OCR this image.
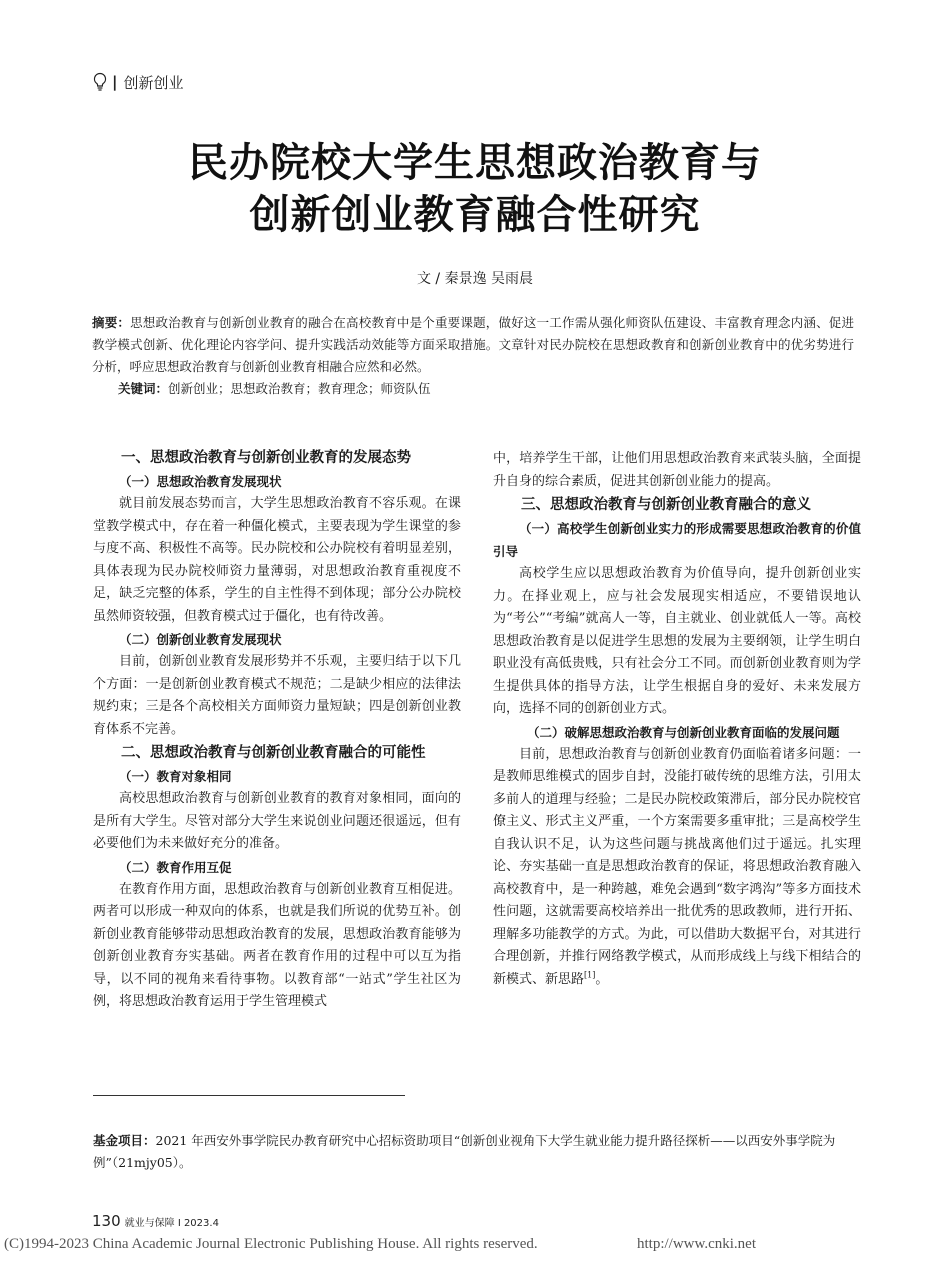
| 创新创业
民办院校大学生思想政治教育与
创新创业教育融合性研究
文 / 秦景逸 吴雨晨
摘要：思想政治教育与创新创业教育的融合在高校教育中是个重要课题，做好这一工作需从强化师资队伍建设、丰富教育理念内涵、促进教学模式创新、优化理论内容学问、提升实践活动效能等方面采取措施。文章针对民办院校在思想政教育和创新创业教育中的优劣势进行分析，呼应思想政治教育与创新创业教育相融合应然和必然。
关键词：创新创业；思想政治教育；教育理念；师资队伍
一、思想政治教育与创新创业教育的发展态势
（一）思想政治教育发展现状

就目前发展态势而言，大学生思想政治教育不容乐观。在课堂教学模式中，存在着一种僵化模式，主要表现为学生课堂的参与度不高、积极性不高等。民办院校和公办院校有着明显差别，具体表现为民办院校师资力量薄弱，对思想政治教育重视度不足，缺乏完整的体系，学生的自主性得不到体现；部分公办院校虽然师资较强，但教育模式过于僵化，也有待改善。

（二）创新创业教育发展现状

目前，创新创业教育发展形势并不乐观，主要归结于以下几个方面：一是创新创业教育模式不规范；二是缺少相应的法律法规约束；三是各个高校相关方面师资力量短缺；四是创新创业教育体系不完善。

二、思想政治教育与创新创业教育融合的可能性
（一）教育对象相同

高校思想政治教育与创新创业教育的教育对象相同，面向的是所有大学生。尽管对部分大学生来说创业问题还很遥远，但有必要他们为未来做好充分的准备。

（二）教育作用互促

在教育作用方面，思想政治教育与创新创业教育互相促进。两者可以形成一种双向的体系，也就是我们所说的优势互补。创新创业教育能够带动思想政治教育的发展，思想政治教育能够为创新创业教育夯实基础。两者在教育作用的过程中可以互为指导，以不同的视角来看待事物。以教育部“一站式”学生社区为例，将思想政治教育运用于学生管理模式

中，培养学生干部，让他们用思想政治教育来武装头脑，全面提升自身的综合素质，促进其创新创业能力的提高。

三、思想政治教育与创新创业教育融合的意义
（一）高校学生创新创业实力的形成需要思想政治教育的价值引导

高校学生应以思想政治教育为价值导向，提升创新创业实力。在择业观上，应与社会发展现实相适应，不要错误地认为“考公”“考编”就高人一等，自主就业、创业就低人一等。高校思想政治教育是以促进学生思想的发展为主要纲领，让学生明白职业没有高低贵贱，只有社会分工不同。而创新创业教育则为学生提供具体的指导方法，让学生根据自身的爱好、未来发展方向，选择不同的创新创业方式。

（二）破解思想政治教育与创新创业教育面临的发展问题

目前，思想政治教育与创新创业教育仍面临着诸多问题：一是教师思维模式的固步自封，没能打破传统的思维方法，引用太多前人的道理与经验；二是民办院校政策滞后，部分民办院校官僚主义、形式主义严重，一个方案需要多重审批；三是高校学生自我认识不足，认为这些问题与挑战离他们过于遥远。扎实理论、夯实基础一直是思想政治教育的保证，将思想政治教育融入高校教育中，是一种跨越，难免会遇到“数字鸿沟”等多方面技术性问题，这就需要高校培养出一批优秀的思政教师，进行开拓、理解多功能教学的方式。为此，可以借助大数据平台，对其进行合理创新，并推行网络教学模式，从而形成线上与线下相结合的新模式、新思路[1]。

基金项目：2021 年西安外事学院民办教育研究中心招标资助项目“创新创业视角下大学生就业能力提升路径探析——以西安外事学院为例”（21mjy05）。
130 就业与保障 I 2023.4
(C)1994-2023 China Academic Journal Electronic Publishing House. All rights reserved.	http://www.cnki.net
